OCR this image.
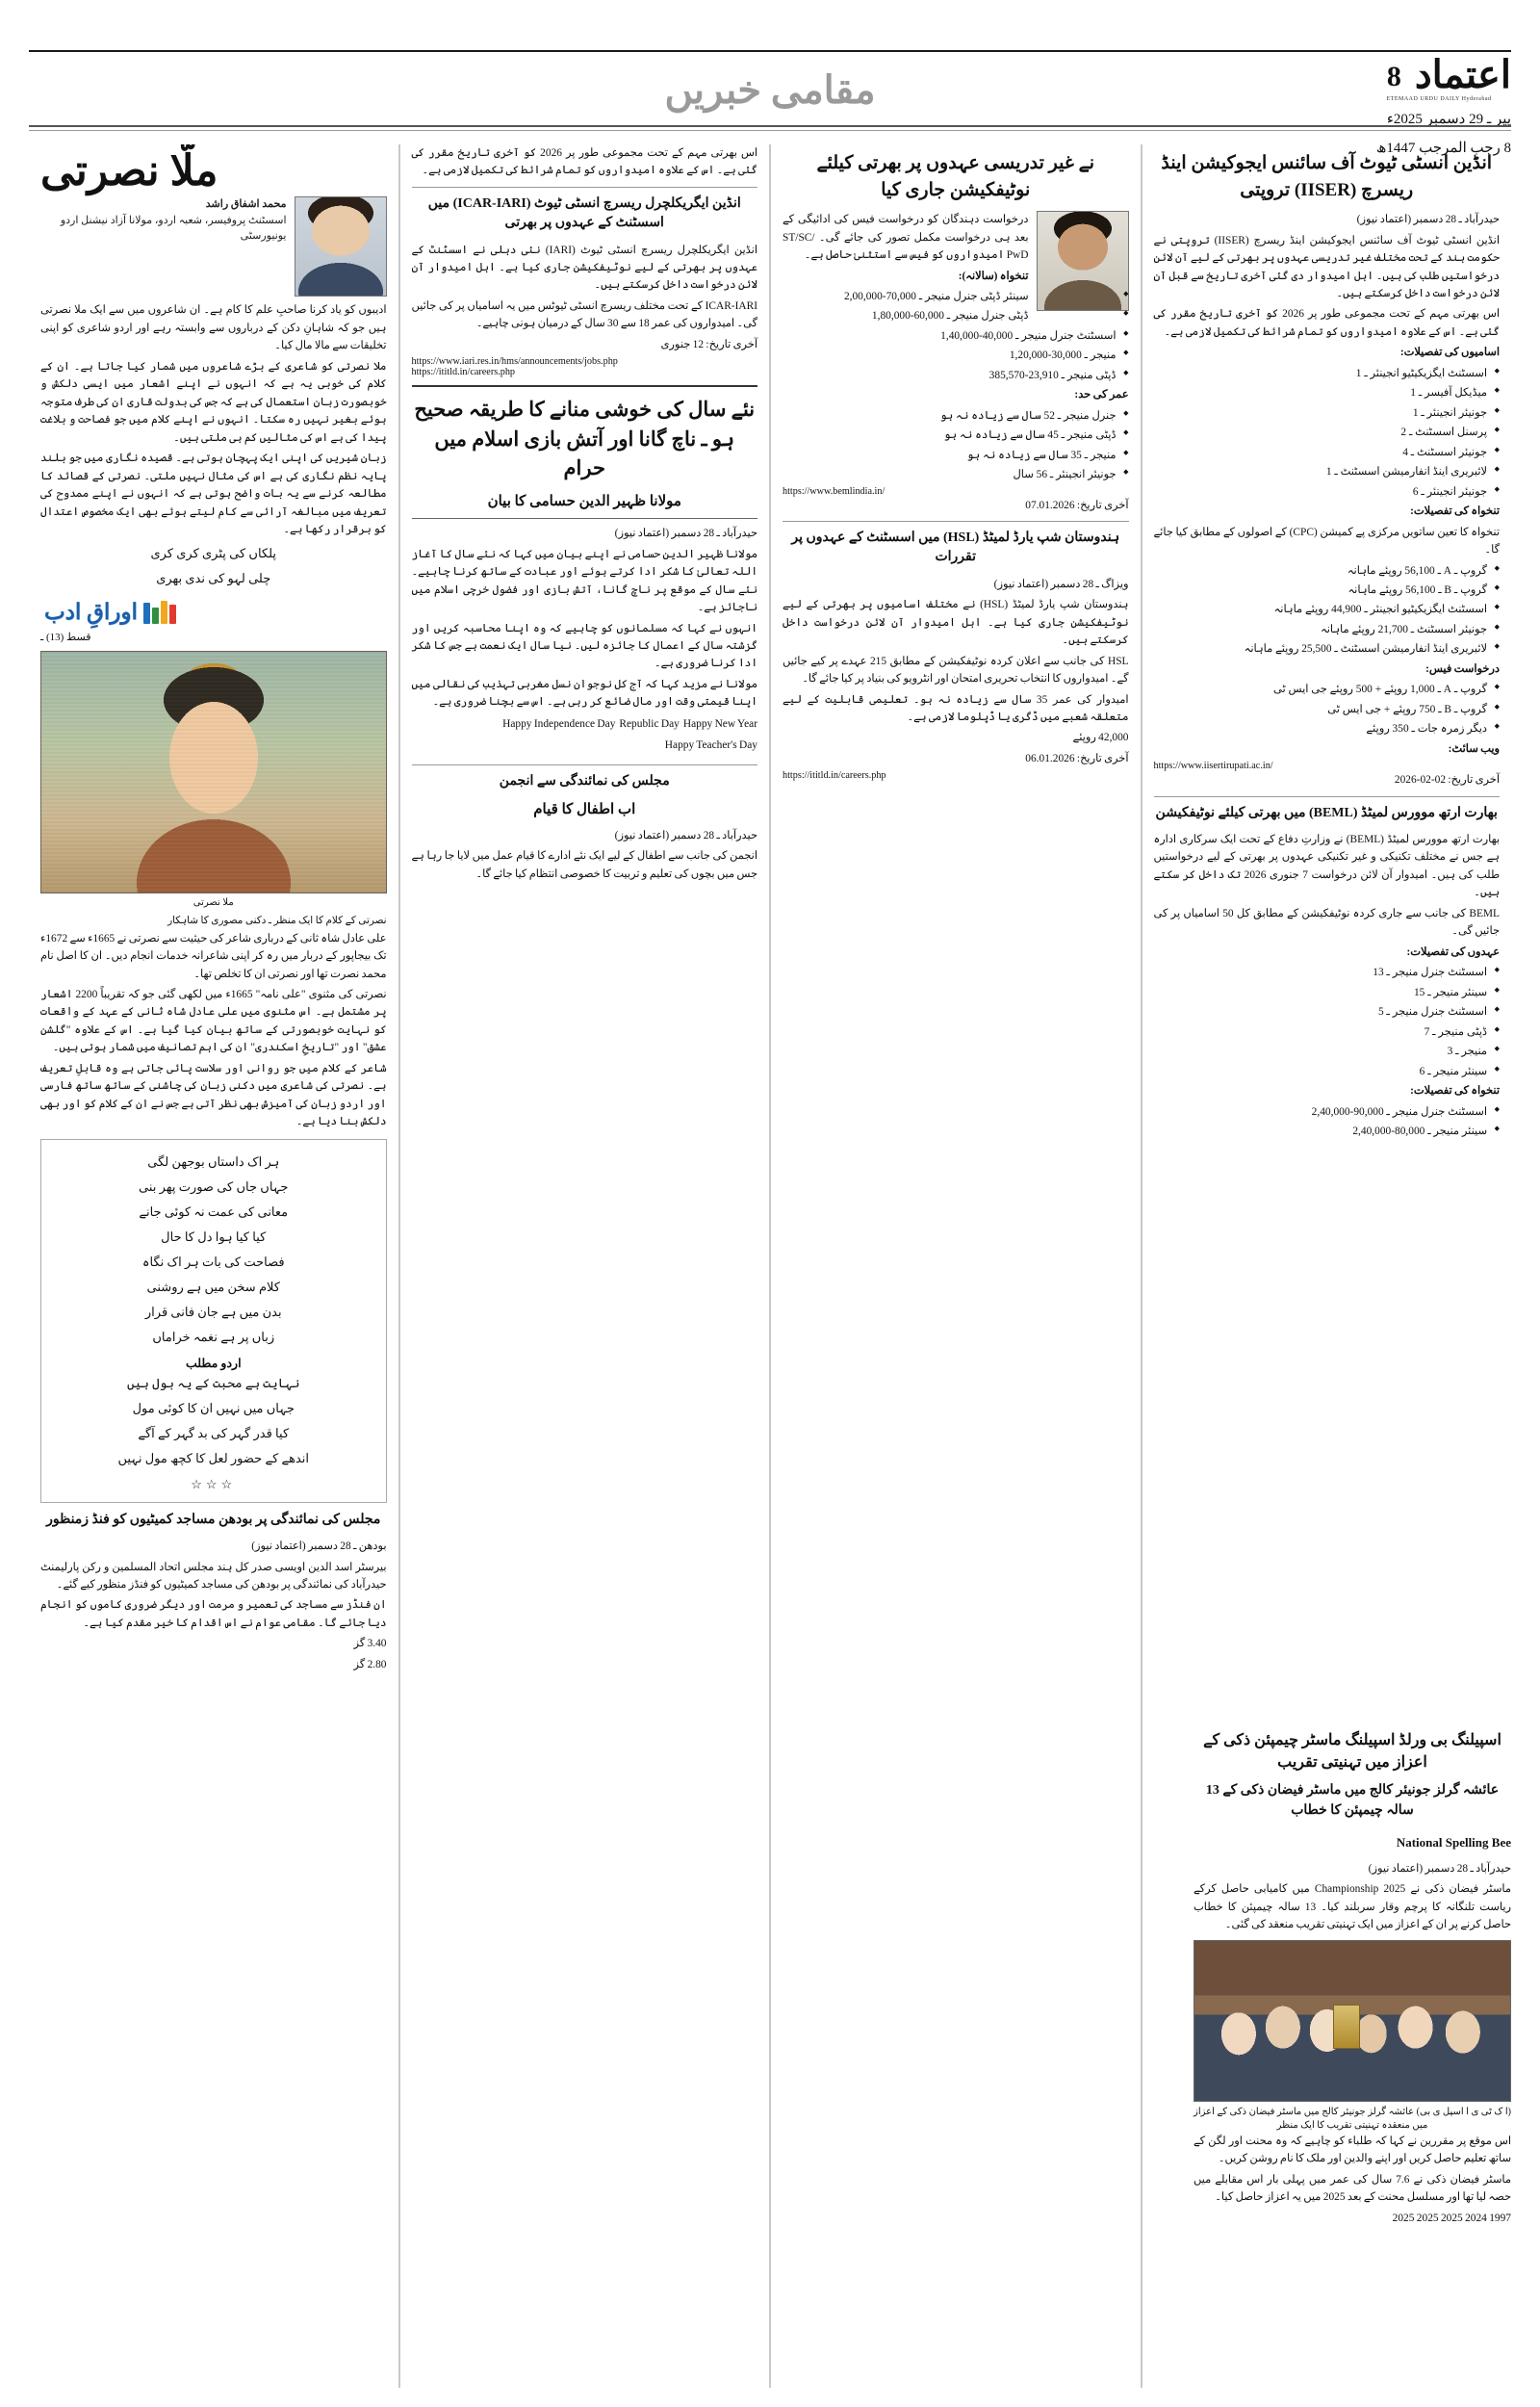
اعتماد
8
ETEMAAD URDU DAILY Hyderabad
پیر ـ 29 دسمبر 2025ء
8 رجب المرجب 1447ھ
مقامی خبریں
انڈین انسٹی ٹیوٹ آف سائنس ایجوکیشن اینڈ ریسرچ (IISER) تروپتی
حیدرآباد ـ 28 دسمبر (اعتماد نیوز)
انڈین انسٹی ٹیوٹ آف سائنس ایجوکیشن اینڈ ریسرچ (IISER) تروپتی نے حکومت ہند کے تحت مختلف غیر تدریسی عہدوں پر بھرتی کے لیے آن لائن درخواستیں طلب کی ہیں۔ اہل امیدوار دی گئی آخری تاریخ سے قبل آن لائن درخواست داخل کرسکتے ہیں۔
اس بھرتی مہم کے تحت مجموعی طور پر 2026 کو آخری تاریخ مقرر کی گئی ہے۔ اس کے علاوہ امیدواروں کو تمام شرائط کی تکمیل لازمی ہے۔
اسامیوں کی تفصیلات:
◆ اسسٹنٹ ایگزیکیٹیو انجینئر ـ 1
◆ میڈیکل آفیسر ـ 1
◆ جونیئر انجینئر ـ 1
◆ پرسنل اسسٹنٹ ـ 2
◆ جونیئر اسسٹنٹ ـ 4
◆ لائبریری اینڈ انفارمیشن اسسٹنٹ ـ 1
◆ جونیئر انجینئر ـ 6
تنخواہ کی تفصیلات:
تنخواہ کا تعین ساتویں مرکزی پے کمیشن (CPC) کے اصولوں کے مطابق کیا جائے گا۔
◆ گروپ ـ A ـ 56,100 روپئے ماہانہ
◆ گروپ ـ B ـ 56,100 روپئے ماہانہ
◆ اسسٹنٹ ایگزیکیٹیو انجینئر ـ 44,900 روپئے ماہانہ
◆ جونیئر اسسٹنٹ ـ 21,700 روپئے ماہانہ
◆ لائبریری اینڈ انفارمیشن اسسٹنٹ ـ 25,500 روپئے ماہانہ
درخواست فیس:
◆ گروپ ـ A ـ 1,000 روپئے + 500 روپئے جی ایس ٹی
◆ گروپ ـ B ـ 750 روپئے + جی ایس ٹی
◆ دیگر زمرہ جات ـ 350 روپئے
ویب سائٹ:
https://www.iisertirupati.ac.in/
آخری تاریخ: 2026-02-02
بھارت ارتھ موورس لمیٹڈ (BEML) میں بھرتی کیلئے نوٹیفکیشن
بھارت ارتھ موورس لمیٹڈ (BEML) نے وزارتِ دفاع کے تحت ایک سرکاری ادارہ ہے جس نے مختلف تکنیکی و غیر تکنیکی عہدوں پر بھرتی کے لیے درخواستیں طلب کی ہیں۔ امیدوار آن لائن درخواست 7 جنوری 2026 تک داخل کر سکتے ہیں۔
BEML کی جانب سے جاری کردہ نوٹیفکیشن کے مطابق کل 50 اسامیاں پر کی جائیں گی۔
عہدوں کی تفصیلات:
◆ اسسٹنٹ جنرل منیجر ـ 13
◆ سینئر منیجر ـ 15
◆ اسسٹنٹ جنرل منیجر ـ 5
◆ ڈپٹی منیجر ـ 7
◆ منیجر ـ 3
◆ سینئر منیجر ـ 6
تنخواہ کی تفصیلات:
◆ اسسٹنٹ جنرل منیجر ـ 2,40,000-90,000
◆ سینئر منیجر ـ 2,40,000-80,000
نے غیر تدریسی عہدوں پر بھرتی کیلئے نوٹیفکیشن جاری کیا
درخواست دہندگان کو درخواست فیس کی ادائیگی کے بعد ہی درخواست مکمل تصور کی جائے گی۔ ST/SC/ PwD امیدواروں کو فیس سے استثنیٰ حاصل ہے۔
تنخواہ (سالانہ):
◆ سینئر ڈپٹی جنرل منیجر ـ 2,00,000-70,000
◆ ڈپٹی جنرل منیجر ـ 1,80,000-60,000
◆ اسسٹنٹ جنرل منیجر ـ 1,40,000-40,000
◆ منیجر ـ 1,20,000-30,000
◆ ڈپٹی منیجر ـ 385,570-23,910
عمر کی حد:
◆ جنرل منیجر ـ 52 سال سے زیادہ نہ ہو
◆ ڈپٹی منیجر ـ 45 سال سے زیادہ نہ ہو
◆ منیجر ـ 35 سال سے زیادہ نہ ہو
◆ جونیئر انجینئر ـ 56 سال
https://www.bemlindia.in/
آخری تاریخ: 07.01.2026
ہندوستان شپ یارڈ لمیٹڈ (HSL) میں اسسٹنٹ کے عہدوں پر تقررات
ویزاگ ـ 28 دسمبر (اعتماد نیوز)
ہندوستان شپ یارڈ لمیٹڈ (HSL) نے مختلف اسامیوں پر بھرتی کے لیے نوٹیفکیشن جاری کیا ہے۔ اہل امیدوار آن لائن درخواست داخل کرسکتے ہیں۔
HSL کی جانب سے اعلان کردہ نوٹیفکیشن کے مطابق 215 عہدے پر کیے جائیں گے۔ امیدواروں کا انتخاب تحریری امتحان اور انٹرویو کی بنیاد پر کیا جائے گا۔
امیدوار کی عمر 35 سال سے زیادہ نہ ہو۔ تعلیمی قابلیت کے لیے متعلقہ شعبے میں ڈگری یا ڈپلوما لازمی ہے۔
42,000 روپئے
آخری تاریخ: 06.01.2026
https://ititld.in/careers.php
اس بھرتی مہم کے تحت مجموعی طور پر 2026 کو آخری تاریخ مقرر کی گئی ہے۔ اس کے علاوہ امیدواروں کو تمام شرائط کی تکمیل لازمی ہے۔
انڈین ایگریکلچرل ریسرچ انسٹی ٹیوٹ (ICAR-IARI) میں اسسٹنٹ کے عہدوں پر بھرتی
انڈین ایگریکلچرل ریسرچ انسٹی ٹیوٹ (IARI) نئی دہلی نے اسسٹنٹ کے عہدوں پر بھرتی کے لیے نوٹیفکیشن جاری کیا ہے۔ اہل امیدوار آن لائن درخواست داخل کرسکتے ہیں۔
ICAR-IARI کے تحت مختلف ریسرچ انسٹی ٹیوٹس میں یہ اسامیاں پر کی جائیں گی۔ امیدواروں کی عمر 18 سے 30 سال کے درمیان ہونی چاہیے۔
آخری تاریخ: 12 جنوری
https://www.iari.res.in/hms/announcements/jobs.php
https://ititld.in/careers.php
نئے سال کی خوشی منانے کا طریقہ صحیح ہو ـ ناچ گانا اور آتش بازی اسلام میں حرام
مولانا ظہیر الدین حسامی کا بیان
حیدرآباد ـ 28 دسمبر (اعتماد نیوز)
مولانا ظہیر الدین حسامی نے اپنے بیان میں کہا کہ نئے سال کا آغاز اللہ تعالیٰ کا شکر ادا کرتے ہوئے اور عبادت کے ساتھ کرنا چاہیے۔ نئے سال کے موقع پر ناچ گانا، آتش بازی اور فضول خرچی اسلام میں ناجائز ہے۔
انہوں نے کہا کہ مسلمانوں کو چاہیے کہ وہ اپنا محاسبہ کریں اور گزشتہ سال کے اعمال کا جائزہ لیں۔ نیا سال ایک نعمت ہے جس کا شکر ادا کرنا ضروری ہے۔
مولانا نے مزید کہا کہ آج کل نوجوان نسل مغربی تہذیب کی نقالی میں اپنا قیمتی وقت اور مال ضائع کر رہی ہے۔ اس سے بچنا ضروری ہے۔
Happy New Year Republic Day Happy Independence Day Happy Teacher's Day
مجلس کی نمائندگی سے انجمن
اب اطفال کا قیام
حیدرآباد ـ 28 دسمبر (اعتماد نیوز)
انجمن کی جانب سے اطفال کے لیے ایک نئے ادارے کا قیام عمل میں لایا جا رہا ہے جس میں بچوں کی تعلیم و تربیت کا خصوصی انتظام کیا جائے گا۔
ملّا نصرتی
محمد اشفاق راشد
اسسٹنٹ پروفیسر، شعبہ اردو، مولانا آزاد نیشنل اردو یونیورسٹی
ادیبوں کو یاد کرنا صاحبِ علم کا کام ہے۔ ان شاعروں میں سے ایک ملا نصرتی ہیں جو کہ شاہانِ دکن کے درباروں سے وابستہ رہے اور اردو شاعری کو اپنی تخلیقات سے مالا مال کیا۔
ملا نصرتی کو شاعری کے بڑے شاعروں میں شمار کیا جاتا ہے۔ ان کے کلام کی خوبی یہ ہے کہ انہوں نے اپنے اشعار میں ایسی دلکش و خوبصورت زبان استعمال کی ہے کہ جس کی بدولت قاری ان کی طرف متوجہ ہوئے بغیر نہیں رہ سکتا۔ انہوں نے اپنے کلام میں جو فصاحت و بلاغت پیدا کی ہے اس کی مثالیں کم ہی ملتی ہیں۔
زبان شیریں کی اپنی ایک پہچان ہوتی ہے۔ قصیدہ نگاری میں جو بلند پایہ نظم نگاری کی ہے اس کی مثال نہیں ملتی۔ نصرتی کے قصائد کا مطالعہ کرنے سے یہ بات واضح ہوتی ہے کہ انہوں نے اپنے ممدوح کی تعریف میں مبالغہ آرائی سے کام لیتے ہوئے بھی ایک مخصوص اعتدال کو برقرار رکھا ہے۔
پلکاں کی پٹری کری کری
چلی لہو کی ندی بھری
اوراقِ ادب
قسط (13) ـ
ملا نصرتی
نصرتی کے کلام کا ایک منظر ـ دکنی مصوری کا شاہکار
علی عادل شاہ ثانی کے درباری شاعر کی حیثیت سے نصرتی نے 1665ء سے 1672ء تک بیجاپور کے دربار میں رہ کر اپنی شاعرانہ خدمات انجام دیں۔ ان کا اصل نام محمد نصرت تھا اور نصرتی ان کا تخلص تھا۔
نصرتی کی مثنوی "علی نامہ" 1665ء میں لکھی گئی جو کہ تقریباً 2200 اشعار پر مشتمل ہے۔ اس مثنوی میں علی عادل شاہ ثانی کے عہد کے واقعات کو نہایت خوبصورتی کے ساتھ بیان کیا گیا ہے۔ اس کے علاوہ "گلشنِ عشق" اور "تاریخِ اسکندری" ان کی اہم تصانیف میں شمار ہوتی ہیں۔
شاعر کے کلام میں جو روانی اور سلاست پائی جاتی ہے وہ قابلِ تعریف ہے۔ نصرتی کی شاعری میں دکنی زبان کی چاشنی کے ساتھ ساتھ فارسی اور اردو زبان کی آمیزش بھی نظر آتی ہے جس نے ان کے کلام کو اور بھی دلکش بنا دیا ہے۔
ہر اک داستاں بوجھن لگی
جہاں جاں کی صورت پھر بنی
معانی کی عمت نہ کوئی جانے
کیا کیا ہوا دل کا حال
فصاحت کی بات ہر اک نگاہ
کلام سخن میں ہے روشنی
بدن میں ہے جان فانی قرار
زباں پر ہے نغمہ خراماں
اردو مطلب
نہایت ہے محبت کے یہ بول ہیں
جہاں میں نہیں ان کا کوئی مول
کیا قدر گہر کی بد گہر کے آگے
اندھے کے حضور لعل کا کچھ مول نہیں
☆☆☆
مجلس کی نمائندگی پر بودھن مساجد کمیٹیوں کو فنڈ زمنظور
بودھن ـ 28 دسمبر (اعتماد نیوز)
بیرسٹر اسد الدین اویسی صدر کل ہند مجلس اتحاد المسلمین و رکن پارلیمنٹ حیدرآباد کی نمائندگی پر بودھن کی مساجد کمیٹیوں کو فنڈز منظور کیے گئے۔
ان فنڈز سے مساجد کی تعمیر و مرمت اور دیگر ضروری کاموں کو انجام دیا جائے گا۔ مقامی عوام نے اس اقدام کا خیر مقدم کیا ہے۔
3.40 گز
2.80 گز
اسپیلنگ بی ورلڈ اسپیلنگ ماسٹر چیمپئن ذکی کے اعزاز میں تہنیتی تقریب
عائشہ گرلز جونیئر کالج میں ماسٹر فیضان ذکی کے 13 سالہ چیمپئن کا خطاب
National Spelling Bee
حیدرآباد ـ 28 دسمبر (اعتماد نیوز)
ماسٹر فیضان ذکی نے Championship 2025 میں کامیابی حاصل کرکے ریاست تلنگانہ کا پرچم وقار سربلند کیا۔ 13 سالہ چیمپئن کا خطاب حاصل کرنے پر ان کے اعزاز میں ایک تہنیتی تقریب منعقد کی گئی۔
(ا ک ٹی ی ا اسپل ی بی) عائشہ گرلز جونیئر کالج میں ماسٹر فیضان ذکی کے اعزاز میں منعقدہ تہنیتی تقریب کا ایک منظر
اس موقع پر مقررین نے کہا کہ طلباء کو چاہیے کہ وہ محنت اور لگن کے ساتھ تعلیم حاصل کریں اور اپنے والدین اور ملک کا نام روشن کریں۔
ماسٹر فیضان ذکی نے 7.6 سال کی عمر میں پہلی بار اس مقابلے میں حصہ لیا تھا اور مسلسل محنت کے بعد 2025 میں یہ اعزاز حاصل کیا۔
1997 2024 2025 2025 2025
